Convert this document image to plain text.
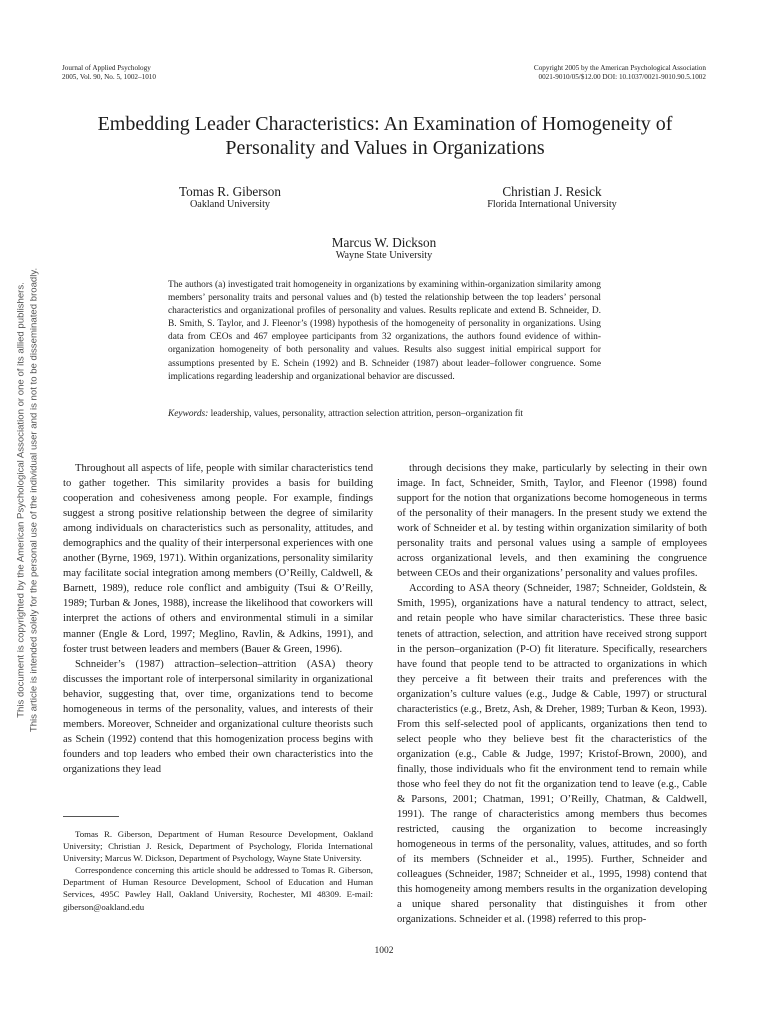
Journal of Applied Psychology
2005, Vol. 90, No. 5, 1002–1010
Copyright 2005 by the American Psychological Association
0021-9010/05/$12.00 DOI: 10.1037/0021-9010.90.5.1002
Embedding Leader Characteristics: An Examination of Homogeneity of Personality and Values in Organizations
Tomas R. Giberson
Oakland University
Christian J. Resick
Florida International University
Marcus W. Dickson
Wayne State University
The authors (a) investigated trait homogeneity in organizations by examining within-organization similarity among members’ personality traits and personal values and (b) tested the relationship between the top leaders’ personal characteristics and organizational profiles of personality and values. Results replicate and extend B. Schneider, D. B. Smith, S. Taylor, and J. Fleenor’s (1998) hypothesis of the homogeneity of personality in organizations. Using data from CEOs and 467 employee participants from 32 organizations, the authors found evidence of within-organization homogeneity of both personality and values. Results also suggest initial empirical support for assumptions presented by E. Schein (1992) and B. Schneider (1987) about leader–follower congruence. Some implications regarding leadership and organizational behavior are discussed.
Keywords: leadership, values, personality, attraction selection attrition, person–organization fit

Throughout all aspects of life, people with similar characteristics tend to gather together. This similarity provides a basis for building cooperation and cohesiveness among people. For example, findings suggest a strong positive relationship between the degree of similarity among individuals on characteristics such as personality, attitudes, and demographics and the quality of their interpersonal experiences with one another (Byrne, 1969, 1971). Within organizations, personality similarity may facilitate social integration among members (O’Reilly, Caldwell, & Barnett, 1989), reduce role conflict and ambiguity (Tsui & O’Reilly, 1989; Turban & Jones, 1988), increase the likelihood that coworkers will interpret the actions of others and environmental stimuli in a similar manner (Engle & Lord, 1997; Meglino, Ravlin, & Adkins, 1991), and foster trust between leaders and members (Bauer & Green, 1996).

Schneider’s (1987) attraction–selection–attrition (ASA) theory discusses the important role of interpersonal similarity in organizational behavior, suggesting that, over time, organizations tend to become homogeneous in terms of the personality, values, and interests of their members. Moreover, Schneider and organizational culture theorists such as Schein (1992) contend that this homogenization process begins with founders and top leaders who embed their own characteristics into the organizations they lead

through decisions they make, particularly by selecting in their own image. In fact, Schneider, Smith, Taylor, and Fleenor (1998) found support for the notion that organizations become homogeneous in terms of the personality of their managers. In the present study we extend the work of Schneider et al. by testing within organization similarity of both personality traits and personal values using a sample of employees across organizational levels, and then examining the congruence between CEOs and their organizations’ personality and values profiles.

According to ASA theory (Schneider, 1987; Schneider, Goldstein, & Smith, 1995), organizations have a natural tendency to attract, select, and retain people who have similar characteristics. These three basic tenets of attraction, selection, and attrition have received strong support in the person–organization (P-O) fit literature. Specifically, researchers have found that people tend to be attracted to organizations in which they perceive a fit between their traits and preferences with the organization’s culture values (e.g., Judge & Cable, 1997) or structural characteristics (e.g., Bretz, Ash, & Dreher, 1989; Turban & Keon, 1993). From this self-selected pool of applicants, organizations then tend to select people who they believe best fit the characteristics of the organization (e.g., Cable & Judge, 1997; Kristof-Brown, 2000), and finally, those individuals who fit the environment tend to remain while those who feel they do not fit the organization tend to leave (e.g., Cable & Parsons, 2001; Chatman, 1991; O’Reilly, Chatman, & Caldwell, 1991). The range of characteristics among members thus becomes restricted, causing the organization to become increasingly homogeneous in terms of the personality, values, attitudes, and so forth of its members (Schneider et al., 1995). Further, Schneider and colleagues (Schneider, 1987; Schneider et al., 1995, 1998) contend that this homogeneity among members results in the organization developing a unique shared personality that distinguishes it from other organizations. Schneider et al. (1998) referred to this prop-

Tomas R. Giberson, Department of Human Resource Development, Oakland University; Christian J. Resick, Department of Psychology, Florida International University; Marcus W. Dickson, Department of Psychology, Wayne State University.

Correspondence concerning this article should be addressed to Tomas R. Giberson, Department of Human Resource Development, School of Education and Human Services, 495C Pawley Hall, Oakland University, Rochester, MI 48309. E-mail: giberson@oakland.edu

1002
This document is copyrighted by the American Psychological Association or one of its allied publishers. This article is intended solely for the personal use of the individual user and is not to be disseminated broadly.
